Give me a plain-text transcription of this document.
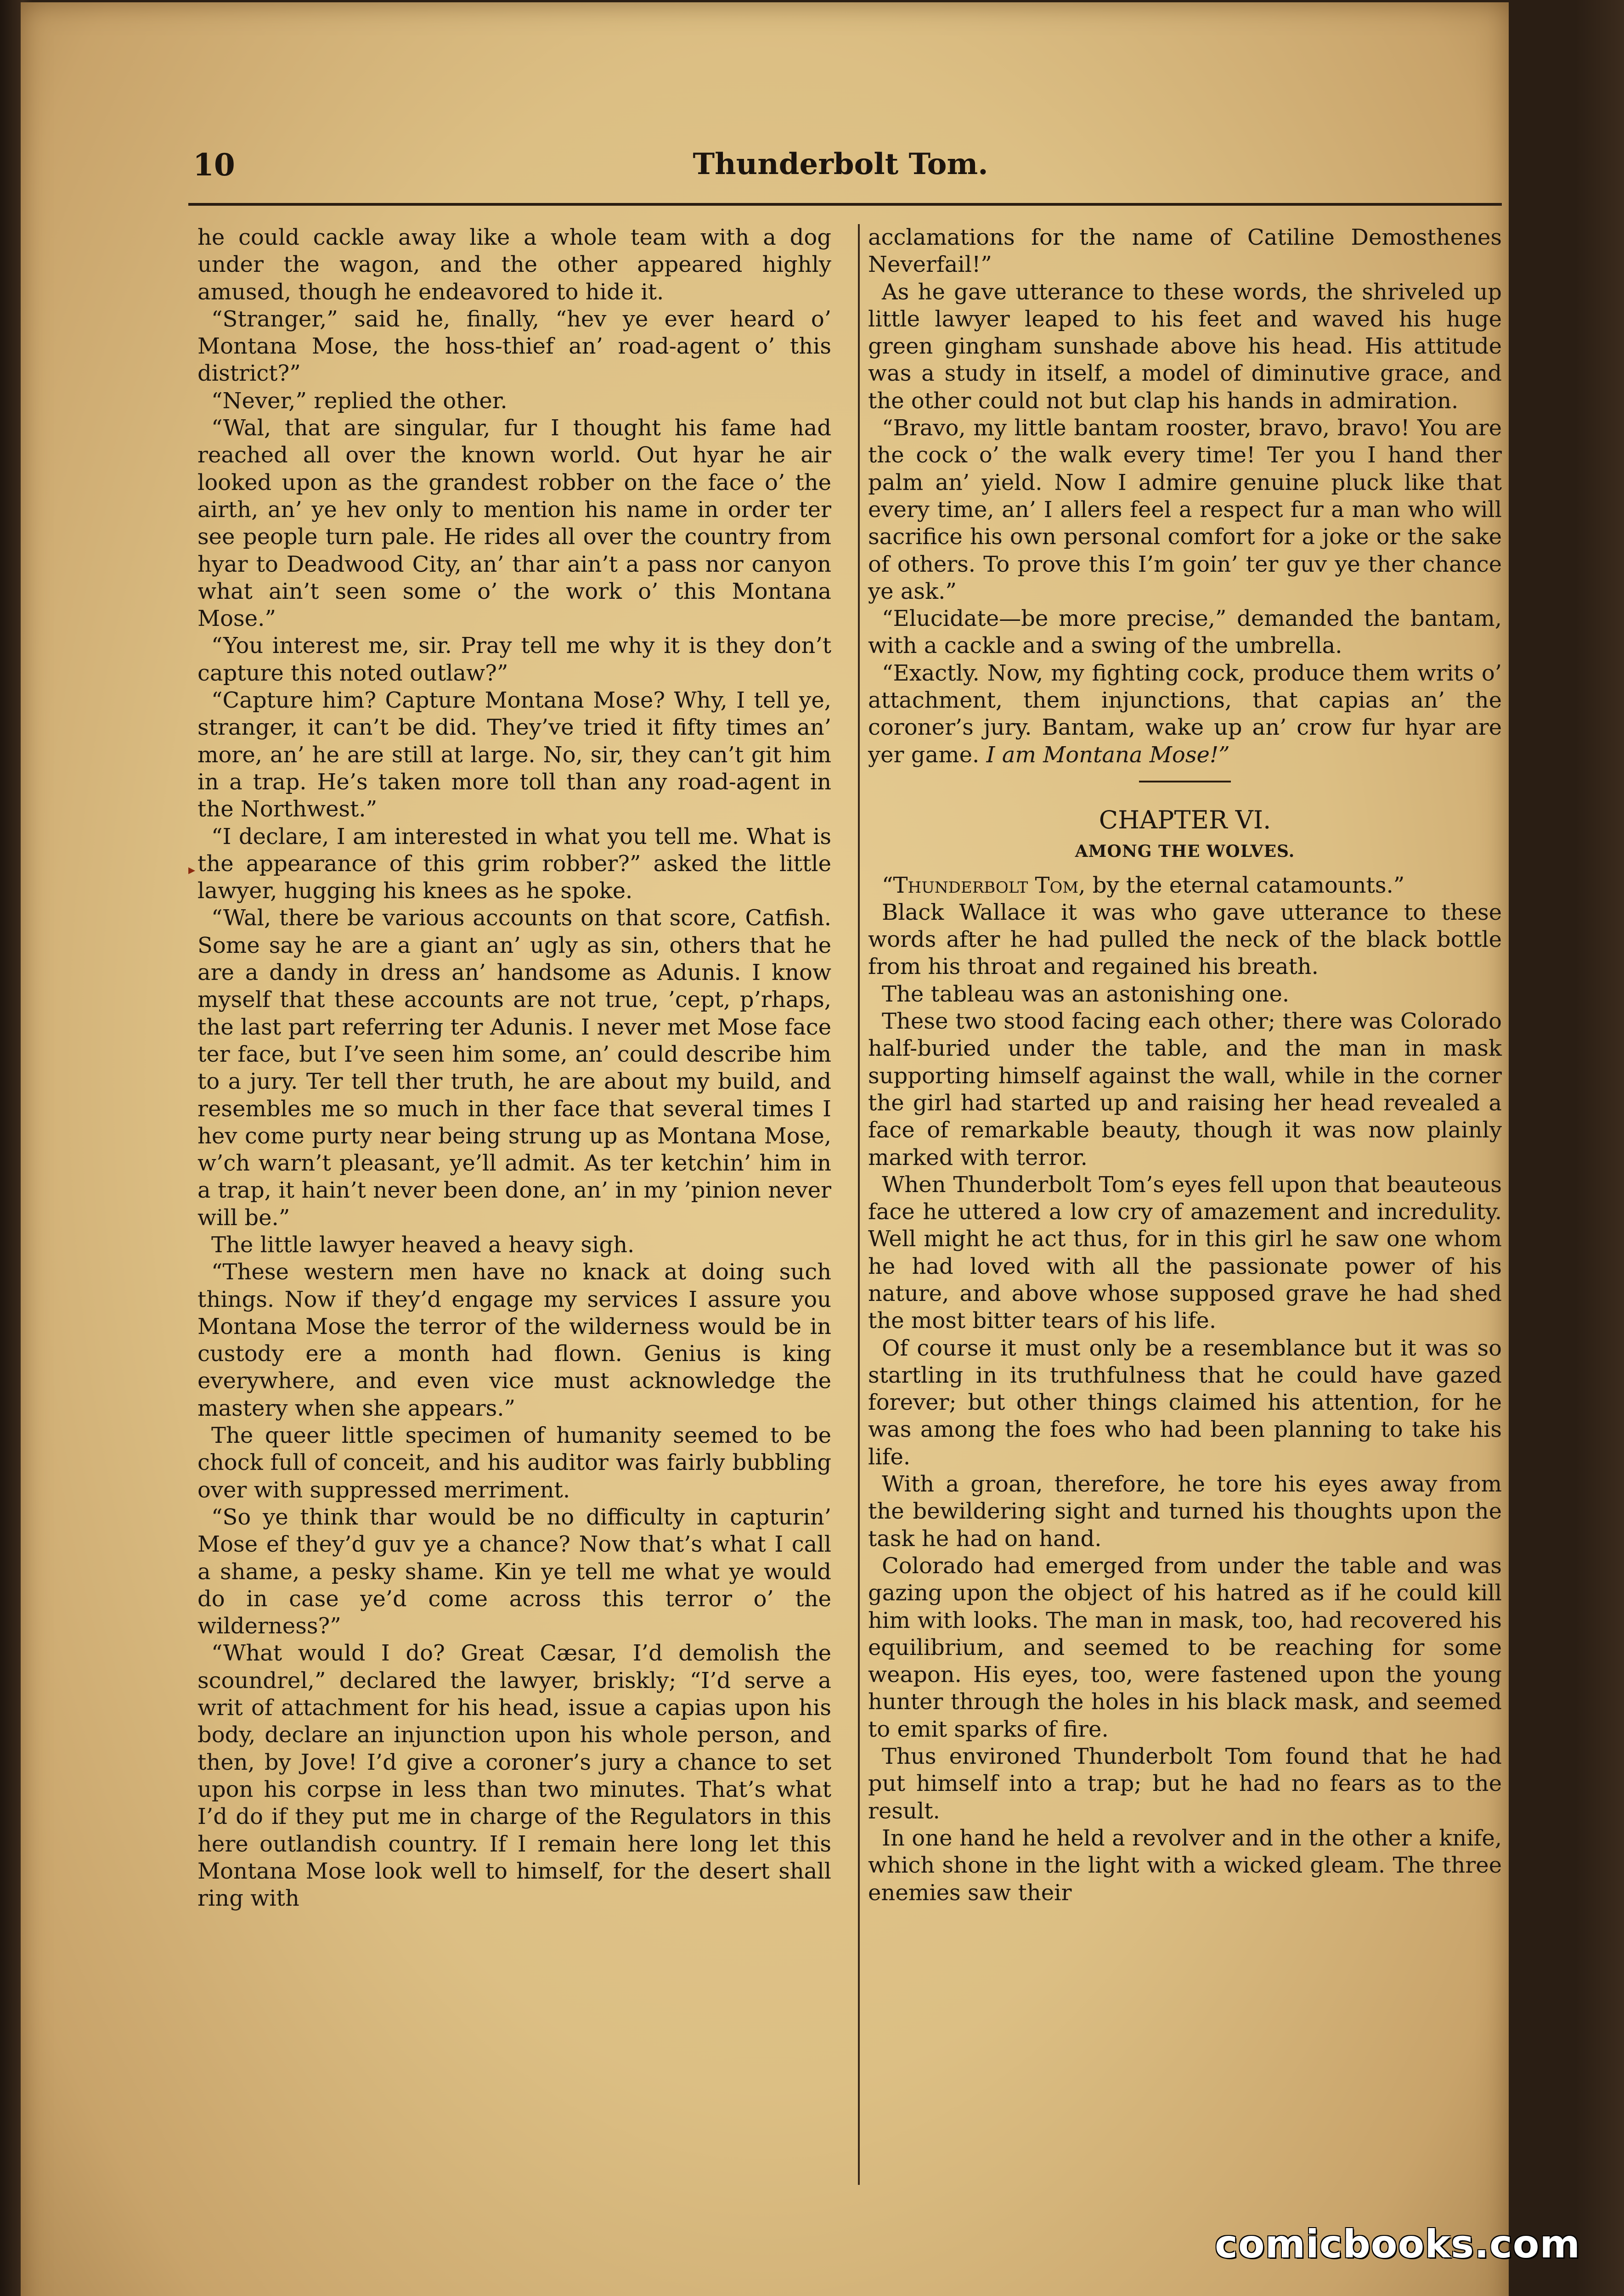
10	Thunderbolt Tom.

he could cackle away like a whole team with a dog under the wagon, and the other appeared highly amused, though he endeavored to hide it.

“Stranger,” said he, finally, “hev ye ever heard o’ Montana Mose, the hoss-thief an’ road-agent o’ this district?”

“Never,” replied the other.

“Wal, that are singular, fur I thought his fame had reached all over the known world. Out hyar he air looked upon as the grandest robber on the face o’ the airth, an’ ye hev only to mention his name in order ter see people turn pale. He rides all over the country from hyar to Deadwood City, an’ thar ain’t a pass nor canyon what ain’t seen some o’ the work o’ this Montana Mose.”

“You interest me, sir. Pray tell me why it is they don’t capture this noted outlaw?”

“Capture him? Capture Montana Mose? Why, I tell ye, stranger, it can’t be did. They’ve tried it fifty times an’ more, an’ he are still at large. No, sir, they can’t git him in a trap. He’s taken more toll than any road-agent in the Northwest.”

“I declare, I am interested in what you tell me. What is the appearance of this grim robber?” asked the little lawyer, hugging his knees as he spoke.

“Wal, there be various accounts on that score, Catfish. Some say he are a giant an’ ugly as sin, others that he are a dandy in dress an’ handsome as Adunis. I know myself that these accounts are not true, ’cept, p’rhaps, the last part referring ter Adunis. I never met Mose face ter face, but I’ve seen him some, an’ could describe him to a jury. Ter tell ther truth, he are about my build, and resembles me so much in ther face that several times I hev come purty near being strung up as Montana Mose, w’ch warn’t pleasant, ye’ll admit. As ter ketchin’ him in a trap, it hain’t never been done, an’ in my ’pinion never will be.”

The little lawyer heaved a heavy sigh.

“These western men have no knack at doing such things. Now if they’d engage my services I assure you Montana Mose the terror of the wilderness would be in custody ere a month had flown. Genius is king everywhere, and even vice must acknowledge the mastery when she appears.”

The queer little specimen of humanity seemed to be chock full of conceit, and his auditor was fairly bubbling over with suppressed merriment.

“So ye think thar would be no difficulty in capturin’ Mose ef they’d guv ye a chance? Now that’s what I call a shame, a pesky shame. Kin ye tell me what ye would do in case ye’d come across this terror o’ the wilderness?”

“What would I do? Great Cæsar, I’d demolish the scoundrel,” declared the lawyer, briskly; “I’d serve a writ of attachment for his head, issue a capias upon his body, declare an injunction upon his whole person, and then, by Jove! I’d give a coroner’s jury a chance to set upon his corpse in less than two minutes. That’s what I’d do if they put me in charge of the Regulators in this here outlandish country. If I remain here long let this Montana Mose look well to himself, for the desert shall ring with

▸

acclamations for the name of Catiline Demosthenes Neverfail!”

As he gave utterance to these words, the shriveled up little lawyer leaped to his feet and waved his huge green gingham sunshade above his head. His attitude was a study in itself, a model of diminutive grace, and the other could not but clap his hands in admiration.

“Bravo, my little bantam rooster, bravo, bravo! You are the cock o’ the walk every time! Ter you I hand ther palm an’ yield. Now I admire genuine pluck like that every time, an’ I allers feel a respect fur a man who will sacrifice his own personal comfort for a joke or the sake of others. To prove this I’m goin’ ter guv ye ther chance ye ask.”

“Elucidate—be more precise,” demanded the bantam, with a cackle and a swing of the umbrella.

“Exactly. Now, my fighting cock, produce them writs o’ attachment, them injunctions, that capias an’ the coroner’s jury. Bantam, wake up an’ crow fur hyar are yer game. I am Montana Mose!”

CHAPTER VI.

AMONG THE WOLVES.

“Thunderbolt Tom, by the eternal catamounts.”

Black Wallace it was who gave utterance to these words after he had pulled the neck of the black bottle from his throat and regained his breath.

The tableau was an astonishing one.

These two stood facing each other; there was Colorado half-buried under the table, and the man in mask supporting himself against the wall, while in the corner the girl had started up and raising her head revealed a face of remarkable beauty, though it was now plainly marked with terror.

When Thunderbolt Tom’s eyes fell upon that beauteous face he uttered a low cry of amazement and incredulity. Well might he act thus, for in this girl he saw one whom he had loved with all the passionate power of his nature, and above whose supposed grave he had shed the most bitter tears of his life.

Of course it must only be a resemblance but it was so startling in its truthfulness that he could have gazed forever; but other things claimed his attention, for he was among the foes who had been planning to take his life.

With a groan, therefore, he tore his eyes away from the bewildering sight and turned his thoughts upon the task he had on hand.

Colorado had emerged from under the table and was gazing upon the object of his hatred as if he could kill him with looks. The man in mask, too, had recovered his equilibrium, and seemed to be reaching for some weapon. His eyes, too, were fastened upon the young hunter through the holes in his black mask, and seemed to emit sparks of fire.

Thus environed Thunderbolt Tom found that he had put himself into a trap; but he had no fears as to the result.

In one hand he held a revolver and in the other a knife, which shone in the light with a wicked gleam. The three enemies saw their

comicbooks.com
